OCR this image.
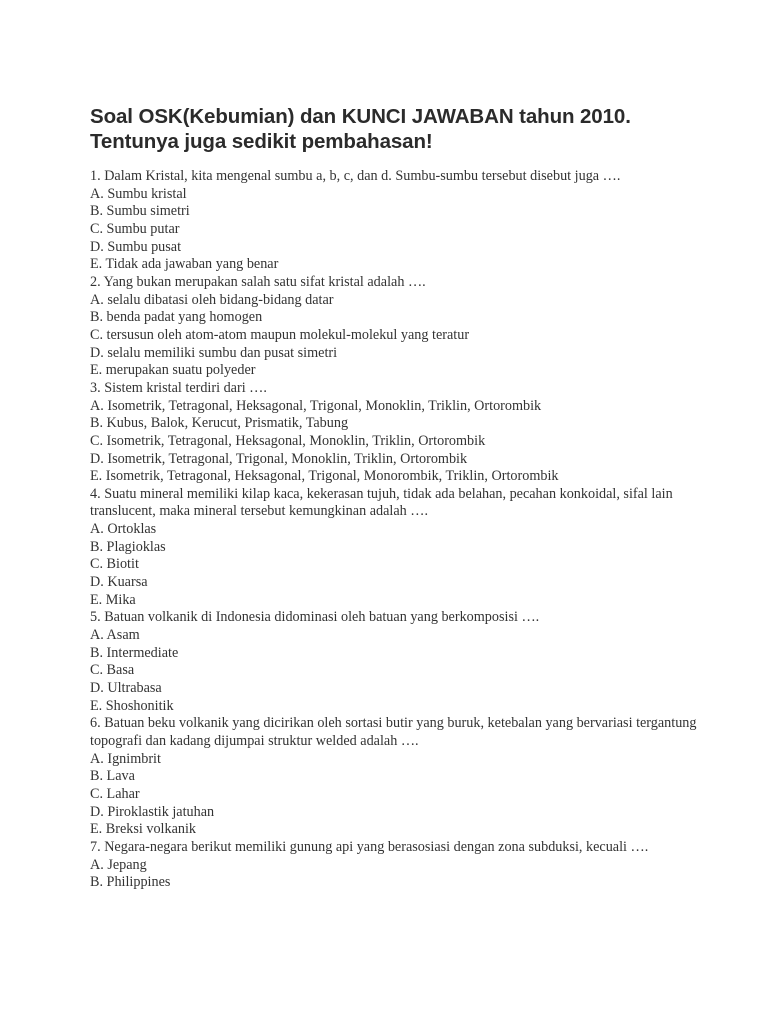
Soal OSK(Kebumian) dan KUNCI JAWABAN tahun 2010.
Tentunya juga sedikit pembahasan!
1. Dalam Kristal, kita mengenal sumbu a, b, c, dan d. Sumbu-sumbu tersebut disebut juga ….
A. Sumbu kristal
B. Sumbu simetri
C. Sumbu putar
D. Sumbu pusat
E. Tidak ada jawaban yang benar
2. Yang bukan merupakan salah satu sifat kristal adalah ….
A. selalu dibatasi oleh bidang-bidang datar
B. benda padat yang homogen
C. tersusun oleh atom-atom maupun molekul-molekul yang teratur
D. selalu memiliki sumbu dan pusat simetri
E. merupakan suatu polyeder
3. Sistem kristal terdiri dari ….
A. Isometrik, Tetragonal, Heksagonal, Trigonal, Monoklin, Triklin, Ortorombik
B. Kubus, Balok, Kerucut, Prismatik, Tabung
C. Isometrik, Tetragonal, Heksagonal, Monoklin, Triklin, Ortorombik
D. Isometrik, Tetragonal, Trigonal, Monoklin, Triklin, Ortorombik
E. Isometrik, Tetragonal, Heksagonal, Trigonal, Monorombik, Triklin, Ortorombik
4. Suatu mineral memiliki kilap kaca, kekerasan tujuh, tidak ada belahan, pecahan konkoidal, sifal lain translucent, maka mineral tersebut kemungkinan adalah ….
A. Ortoklas
B. Plagioklas
C. Biotit
D. Kuarsa
E. Mika
5. Batuan volkanik di Indonesia didominasi oleh batuan yang berkomposisi ….
A. Asam
B. Intermediate
C. Basa
D. Ultrabasa
E. Shoshonitik
6. Batuan beku volkanik yang dicirikan oleh sortasi butir yang buruk, ketebalan yang bervariasi tergantung topografi dan kadang dijumpai struktur welded adalah ….
A. Ignimbrit
B. Lava
C. Lahar
D. Piroklastik jatuhan
E. Breksi volkanik
7. Negara-negara berikut memiliki gunung api yang berasosiasi dengan zona subduksi, kecuali ….
A. Jepang
B. Philippines
